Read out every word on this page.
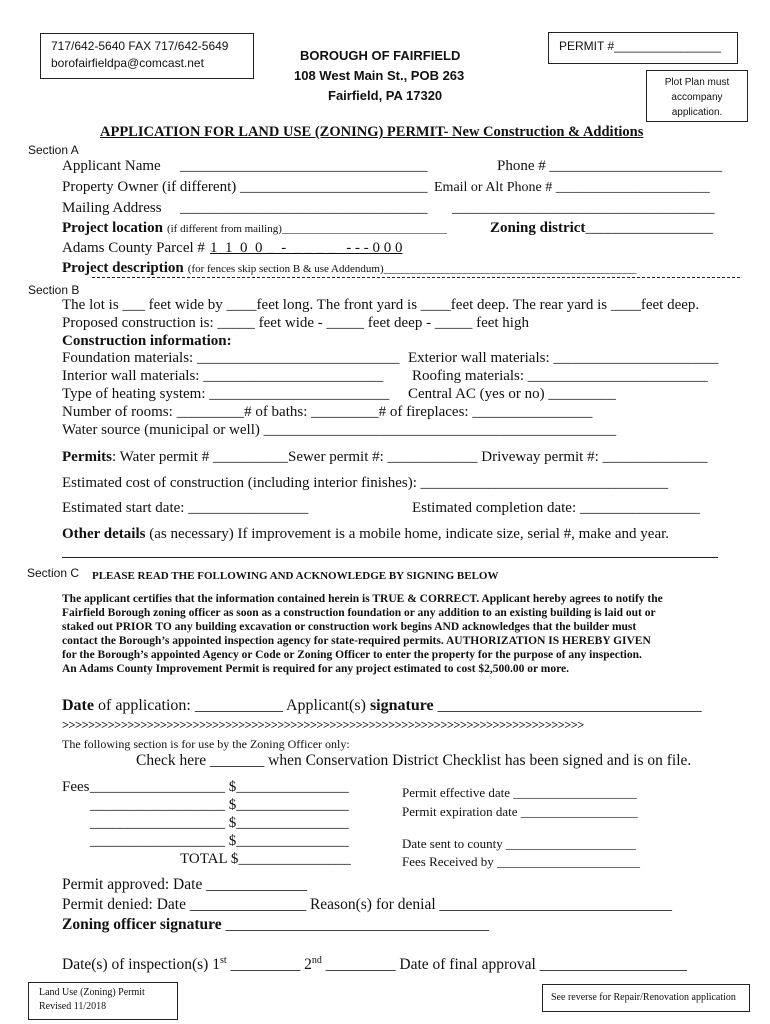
717/642-5640 FAX 717/642-5649
borofairfieldpa@comcast.net	BOROUGH OF FAIRFIELD
108 West Main St., POB 263
Fairfield, PA 17320
PERMIT #________________
Plot Plan must accompany application.
APPLICATION FOR LAND USE (ZONING) PERMIT- New Construction & Additions
Section A
Applicant Name _________________________________	Phone # _______________________
Property Owner (if different) _________________________ Email or Alt Phone # ______________________
Mailing Address _________________________________ ___________________________________
Project location (if different from mailing)______________________________	Zoning district_________________
Adams County Parcel # 1  1  0  0 _  -  _ _ _ _   - - - 0 0 0
Project description (for fences skip section B & use Addendum)______________________________________________
Section B
The lot is ___ feet wide by ____feet long. The front yard is ____feet deep. The rear yard is ____feet deep.
Proposed construction is: _____ feet wide - _____ feet deep - _____ feet high
Construction information:
Foundation materials: ___________________________ Exterior wall materials: ______________________
Interior wall materials: ________________________ Roofing materials: ________________________
Type of heating system: ________________________ Central AC (yes or no) _________
Number of rooms: _________# of baths: _________# of fireplaces: ________________
Water source (municipal or well) _______________________________________________
Permits: Water permit # __________Sewer permit #: ____________ Driveway permit #: ______________
Estimated cost of construction (including interior finishes): _________________________________
Estimated start date: ________________	Estimated completion date: ________________
Other details (as necessary) If improvement is a mobile home, indicate size, serial #, make and year.
Section C PLEASE READ THE FOLLOWING AND ACKNOWLEDGE BY SIGNING BELOW
The applicant certifies that the information contained herein is TRUE & CORRECT. Applicant hereby agrees to notify the
Fairfield Borough zoning officer as soon as a construction foundation or any addition to an existing building is laid out or
staked out PRIOR TO any building excavation or construction work begins AND acknowledges that the builder must
contact the Borough’s appointed inspection agency for state-required permits. AUTHORIZATION IS HEREBY GIVEN
for the Borough’s appointed Agency or Code or Zoning Officer to enter the property for the purpose of any inspection.
An Adams County Improvement Permit is required for any project estimated to cost $2,500.00 or more.
Date of application: ___________ Applicant(s) signature _________________________________
>>>>>>>>>>>>>>>>>>>>>>>>>>>>>>>>>>>>>>>>>>>>>>>>>>>>>>>>>>>>>>>>>>>>>>>>>>>>>>>>
The following section is for use by the Zoning Officer only:
Check here _______ when Conservation District Checklist has been signed and is on file.
Fees __________________ $_______________
__________________ $_______________
__________________ $_______________
__________________ $_______________
TOTAL $_______________
Permit effective date ___________________
Permit expiration date __________________
Date sent to county ____________________
Fees Received by ______________________
Permit approved: Date _____________
Permit denied: Date _______________ Reason(s) for denial ______________________________
Zoning officer signature __________________________________
Date(s) of inspection(s) 1st _________ 2nd _________ Date of final approval ___________________
Land Use (Zoning) Permit
Revised 11/2018
See reverse for Repair/Renovation application
